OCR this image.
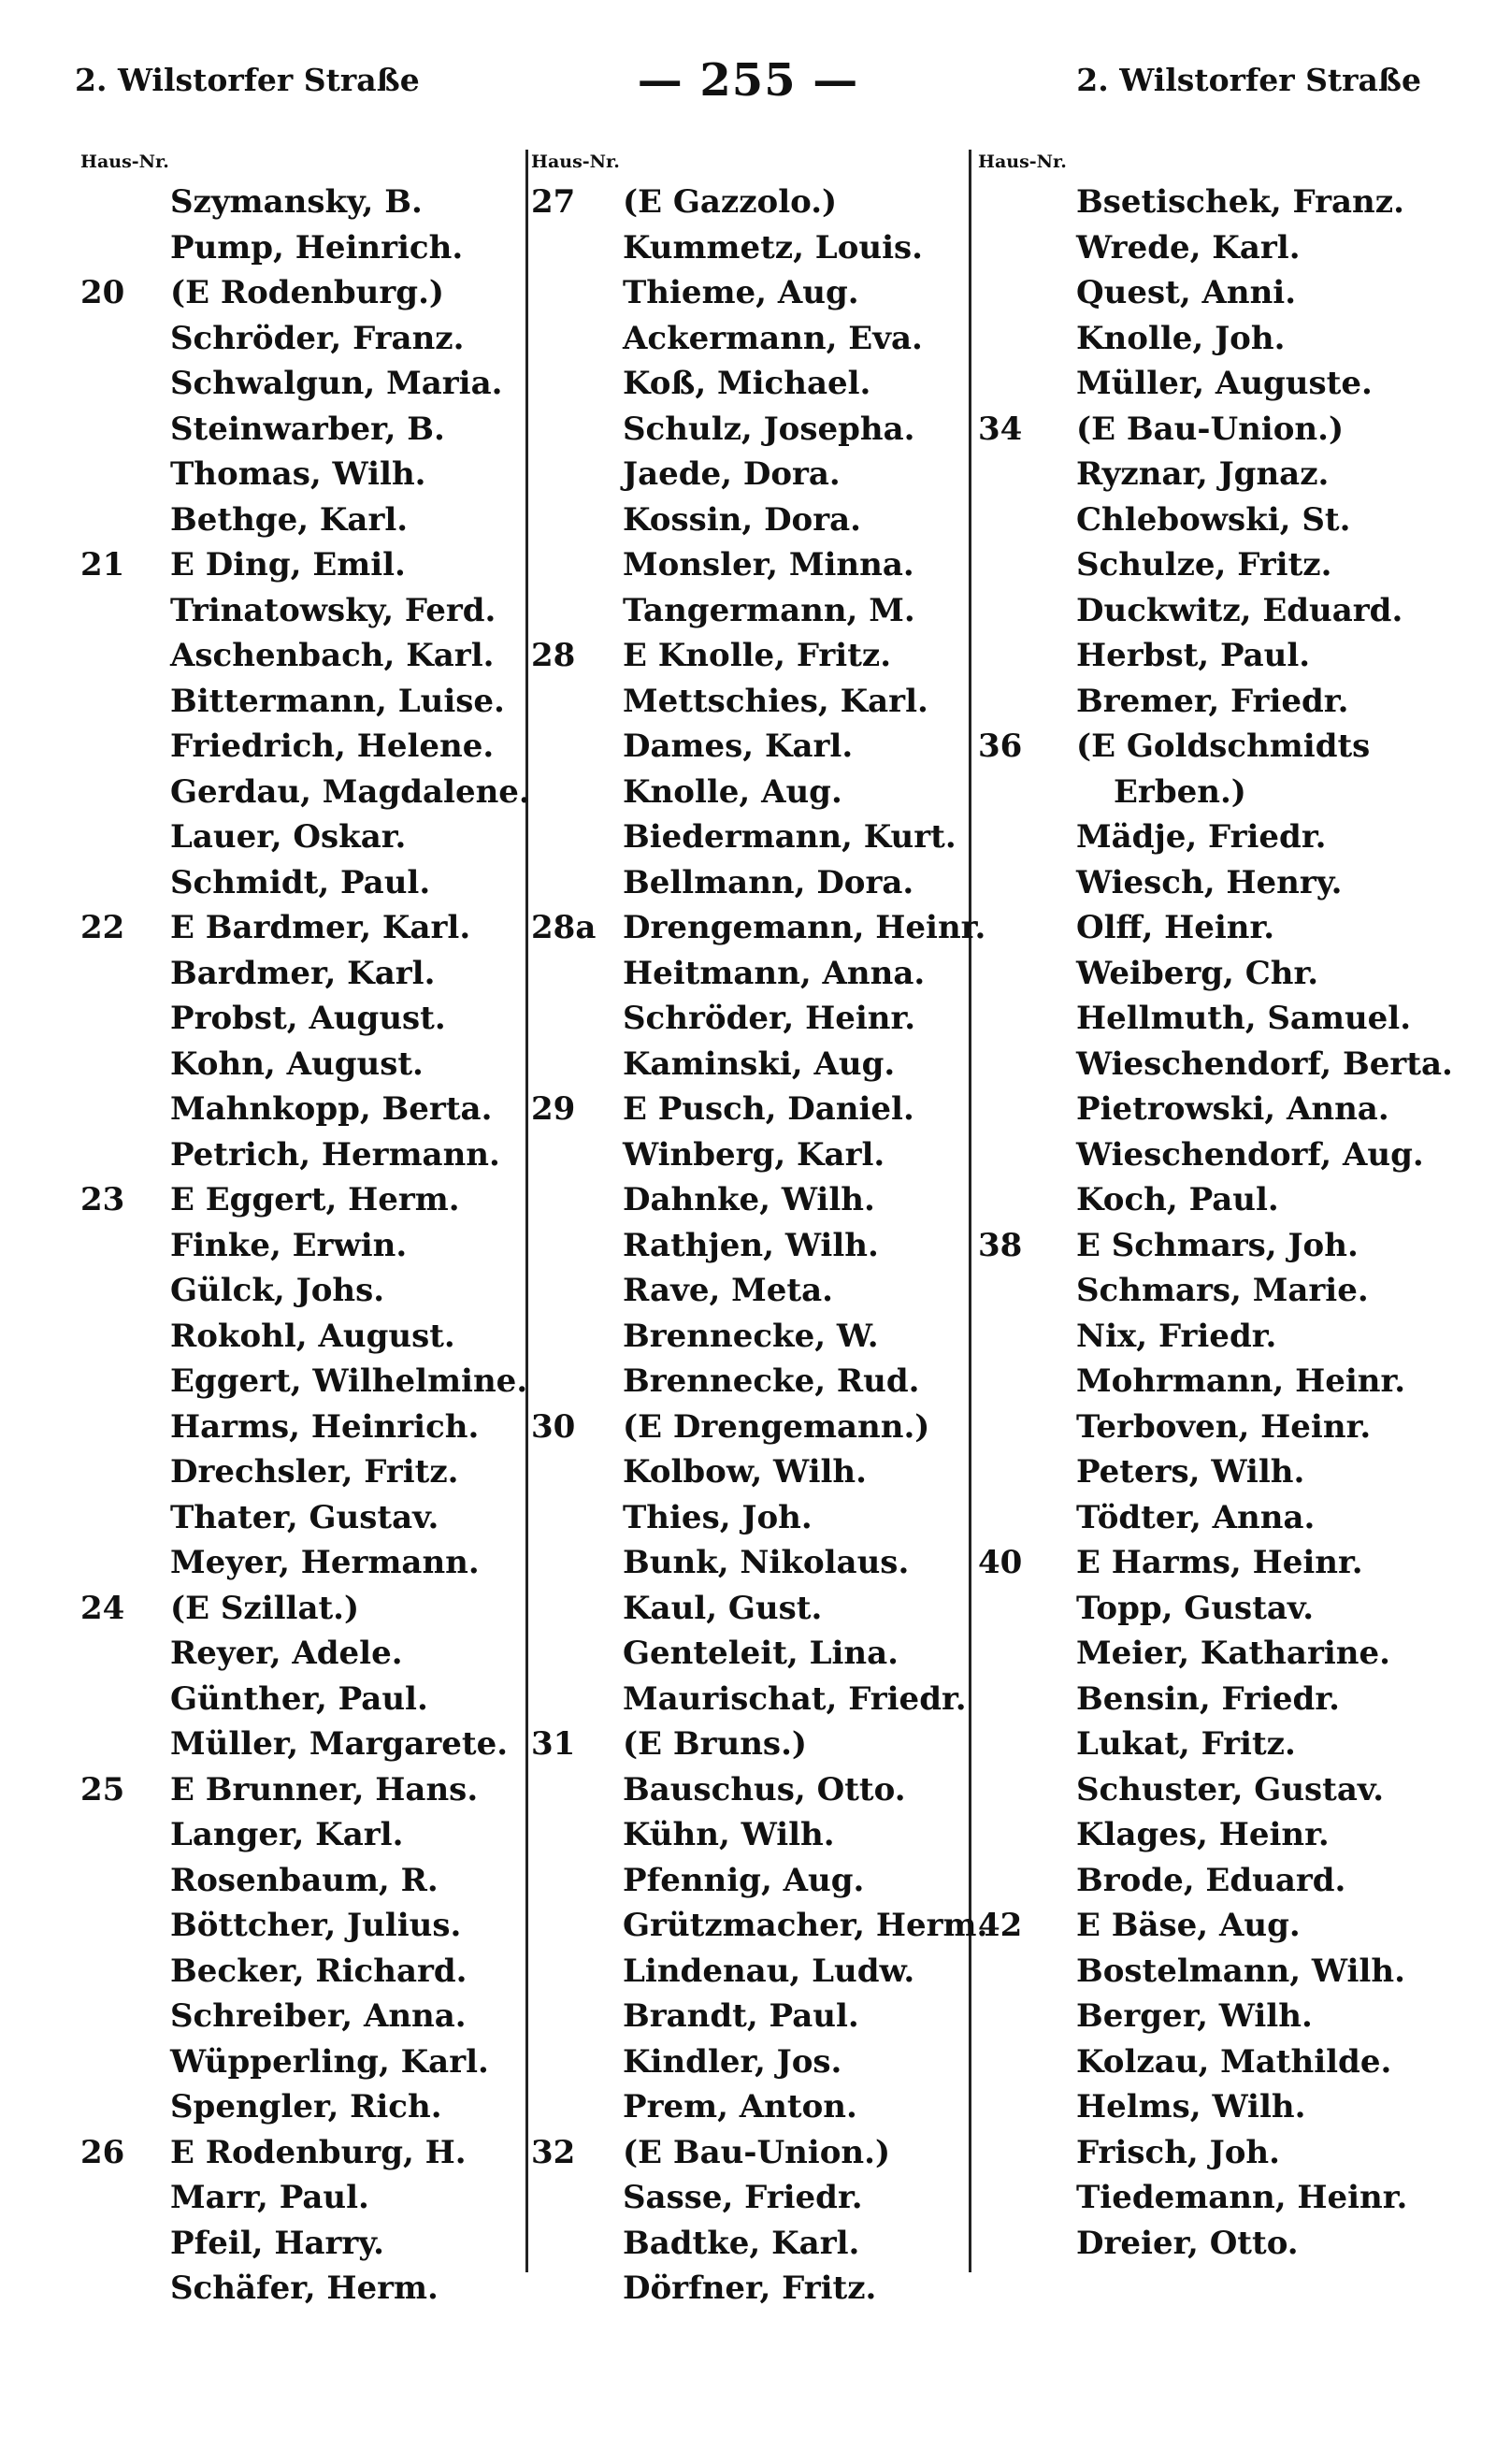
2. Wilstorfer Straße	— 255 —	2. Wilstorfer Straße
Haus-Nr.
Szymansky, B.
Pump, Heinrich.
20 (E Rodenburg.)
Schröder, Franz.
Schwalgun, Maria.
Steinwarber, B.
Thomas, Wilh.
Bethge, Karl.
21 E Ding, Emil.
Trinatowsky, Ferd.
Aschenbach, Karl.
Bittermann, Luise.
Friedrich, Helene.
Gerdau, Magdalene.
Lauer, Oskar.
Schmidt, Paul.
22 E Bardmer, Karl.
Bardmer, Karl.
Probst, August.
Kohn, August.
Mahnkopp, Berta.
Petrich, Hermann.
23 E Eggert, Herm.
Finke, Erwin.
Gülck, Johs.
Rokohl, August.
Eggert, Wilhelmine.
Harms, Heinrich.
Drechsler, Fritz.
Thater, Gustav.
Meyer, Hermann.
24 (E Szillat.)
Reyer, Adele.
Günther, Paul.
Müller, Margarete.
25 E Brunner, Hans.
Langer, Karl.
Rosenbaum, R.
Böttcher, Julius.
Becker, Richard.
Schreiber, Anna.
Wüpperling, Karl.
Spengler, Rich.
26 E Rodenburg, H.
Marr, Paul.
Pfeil, Harry.
Schäfer, Herm.
Haus-Nr.
27 (E Gazzolo.)
Kummetz, Louis.
Thieme, Aug.
Ackermann, Eva.
Koß, Michael.
Schulz, Josepha.
Jaede, Dora.
Kossin, Dora.
Monsler, Minna.
Tangermann, M.
28 E Knolle, Fritz.
Mettschies, Karl.
Dames, Karl.
Knolle, Aug.
Biedermann, Kurt.
Bellmann, Dora.
28a Drengemann, Heinr.
Heitmann, Anna.
Schröder, Heinr.
Kaminski, Aug.
29 E Pusch, Daniel.
Winberg, Karl.
Dahnke, Wilh.
Rathjen, Wilh.
Rave, Meta.
Brennecke, W.
Brennecke, Rud.
30 (E Drengemann.)
Kolbow, Wilh.
Thies, Joh.
Bunk, Nikolaus.
Kaul, Gust.
Genteleit, Lina.
Maurischat, Friedr.
31 (E Bruns.)
Bauschus, Otto.
Kühn, Wilh.
Pfennig, Aug.
Grützmacher, Herm.
Lindenau, Ludw.
Brandt, Paul.
Kindler, Jos.
Prem, Anton.
32 (E Bau-Union.)
Sasse, Friedr.
Badtke, Karl.
Dörfner, Fritz.
Haus-Nr.
Bsetischek, Franz.
Wrede, Karl.
Quest, Anni.
Knolle, Joh.
Müller, Auguste.
34 (E Bau-Union.)
Ryznar, Jgnaz.
Chlebowski, St.
Schulze, Fritz.
Duckwitz, Eduard.
Herbst, Paul.
Bremer, Friedr.
36 (E Goldschmidts
Erben.)
Mädje, Friedr.
Wiesch, Henry.
Olff, Heinr.
Weiberg, Chr.
Hellmuth, Samuel.
Wieschendorf, Berta.
Pietrowski, Anna.
Wieschendorf, Aug.
Koch, Paul.
38 E Schmars, Joh.
Schmars, Marie.
Nix, Friedr.
Mohrmann, Heinr.
Terboven, Heinr.
Peters, Wilh.
Tödter, Anna.
40 E Harms, Heinr.
Topp, Gustav.
Meier, Katharine.
Bensin, Friedr.
Lukat, Fritz.
Schuster, Gustav.
Klages, Heinr.
Brode, Eduard.
42 E Bäse, Aug.
Bostelmann, Wilh.
Berger, Wilh.
Kolzau, Mathilde.
Helms, Wilh.
Frisch, Joh.
Tiedemann, Heinr.
Dreier, Otto.
